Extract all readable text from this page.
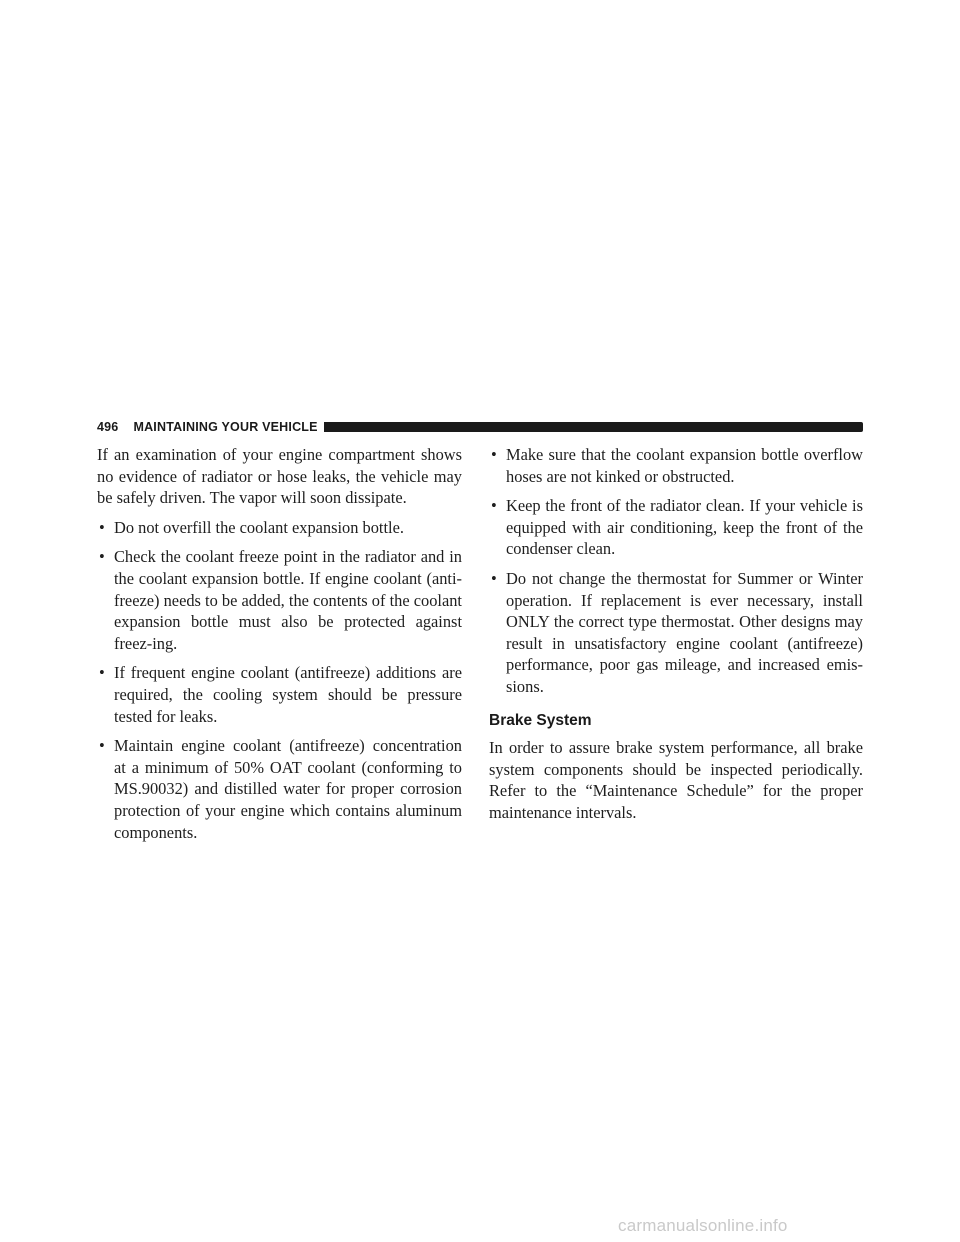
496	MAINTAINING YOUR VEHICLE

If an examination of your engine compartment shows no evidence of radiator or hose leaks, the vehicle may be safely driven. The vapor will soon dissipate.

• Do not overfill the coolant expansion bottle.
• Check the coolant freeze point in the radiator and in the coolant expansion bottle. If engine coolant (anti-freeze) needs to be added, the contents of the coolant expansion bottle must also be protected against freez-ing.
• If frequent engine coolant (antifreeze) additions are required, the cooling system should be pressure tested for leaks.
• Maintain engine coolant (antifreeze) concentration at a minimum of 50% OAT coolant (conforming to MS.90032) and distilled water for proper corrosion protection of your engine which contains aluminum components.
• Make sure that the coolant expansion bottle overflow hoses are not kinked or obstructed.
• Keep the front of the radiator clean. If your vehicle is equipped with air conditioning, keep the front of the condenser clean.
• Do not change the thermostat for Summer or Winter operation. If replacement is ever necessary, install ONLY the correct type thermostat. Other designs may result in unsatisfactory engine coolant (antifreeze) performance, poor gas mileage, and increased emis-sions.
Brake System

In order to assure brake system performance, all brake system components should be inspected periodically. Refer to the “Maintenance Schedule” for the proper maintenance intervals.

carmanualsonline.info
